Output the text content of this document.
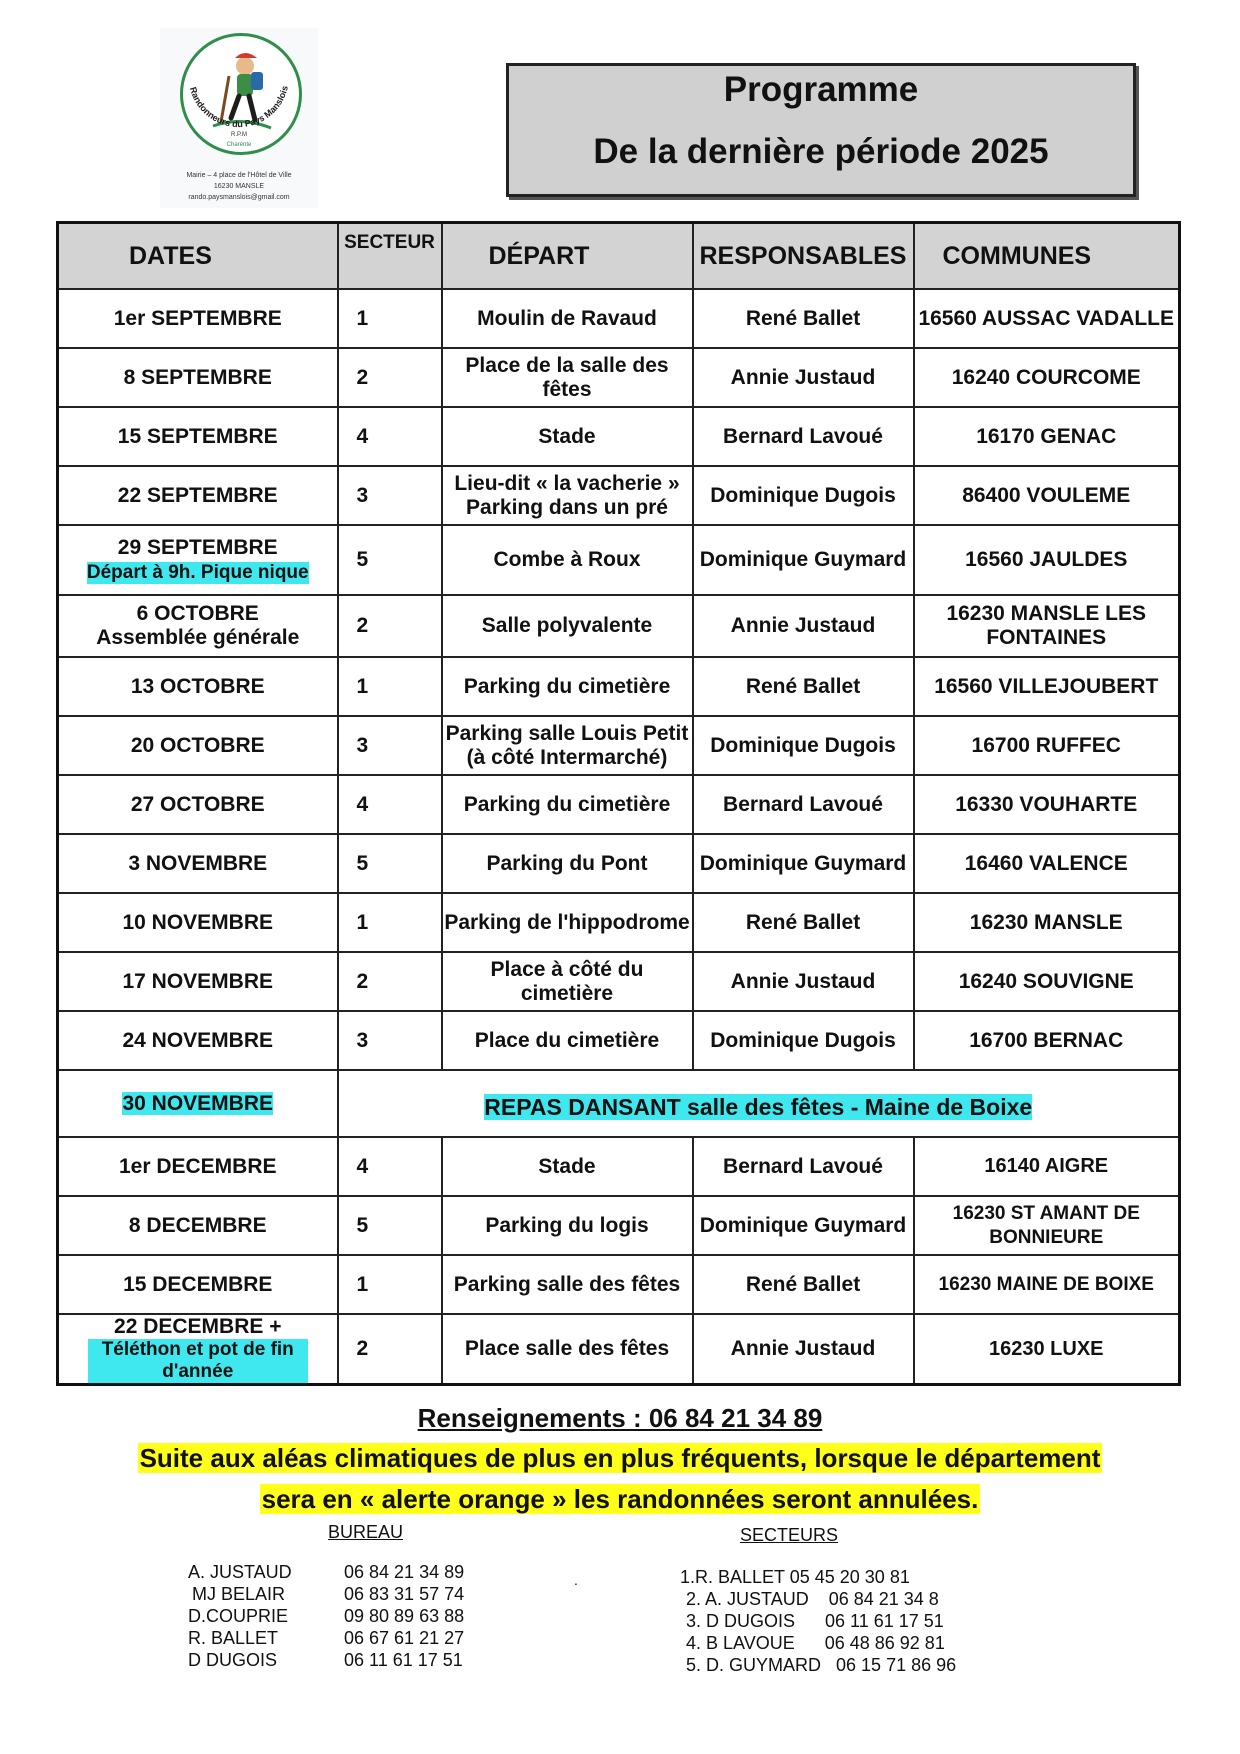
Randonneurs du Pays Manslois
R.P.M
Charente
Mairie – 4 place de l'Hôtel de Ville
16230 MANSLE
rando.paysmanslois@gmail.com
Programme
De la dernière période 2025
DATES	SECTEUR	DÉPART	RESPONSABLES	COMMUNES
1er SEPTEMBRE	1	Moulin de Ravaud	René Ballet	16560 AUSSAC VADALLE
8 SEPTEMBRE	2	Place de la salle des fêtes	Annie Justaud	16240 COURCOME
15 SEPTEMBRE	4	Stade	Bernard Lavoué	16170 GENAC
22 SEPTEMBRE	3	Lieu-dit « la vacherie » Parking dans un pré	Dominique Dugois	86400 VOULEME

29 SEPTEMBRE
Départ à 9h. Pique nique	5	Combe à Roux	Dominique Guymard	16560 JAULDES

6 OCTOBRE
Assemblée générale	2	Salle polyvalente	Annie Justaud	16230 MANSLE LES FONTAINES
13 OCTOBRE	1	Parking du cimetière	René Ballet	16560 VILLEJOUBERT
20 OCTOBRE	3	Parking salle Louis Petit (à côté Intermarché)	Dominique Dugois	16700 RUFFEC
27 OCTOBRE	4	Parking du cimetière	Bernard Lavoué	16330 VOUHARTE
3 NOVEMBRE	5	Parking du Pont	Dominique Guymard	16460 VALENCE
10 NOVEMBRE	1	Parking de l'hippodrome	René Ballet	16230 MANSLE
17 NOVEMBRE	2	Place à côté du cimetière	Annie Justaud	16240 SOUVIGNE
24 NOVEMBRE	3	Place du cimetière	Dominique Dugois	16700 BERNAC
30 NOVEMBRE	REPAS DANSANT salle des fêtes - Maine de Boixe			
1er DECEMBRE	4	Stade	Bernard Lavoué	16140 AIGRE
8 DECEMBRE	5	Parking du logis	Dominique Guymard	16230 ST AMANT DE BONNIEURE
15 DECEMBRE	1	Parking salle des fêtes	René Ballet	16230 MAINE DE BOIXE

22 DECEMBRE +
Téléthon et pot de fin d'année	2	Place salle des fêtes	Annie Justaud	16230 LUXE
Renseignements : 06 84 21 34 89
Suite aux aléas climatiques de plus en plus fréquents, lorsque le département
sera en « alerte orange » les randonnées seront annulées.
BUREAU
A. JUSTAUD	06 84 21 34 89
MJ BELAIR	06 83 31 57 74
D.COUPRIE	09 80 89 63 88
R. BALLET	06 67 61 21 27
D DUGOIS	06 11 61 17 51
.
SECTEURS
1.R. BALLET 05 45 20 30 81
2. A. JUSTAUD    06 84 21 34 8
3. D DUGOIS      06 11 61 17 51
4. B LAVOUE      06 48 86 92 81
5. D. GUYMARD   06 15 71 86 96
